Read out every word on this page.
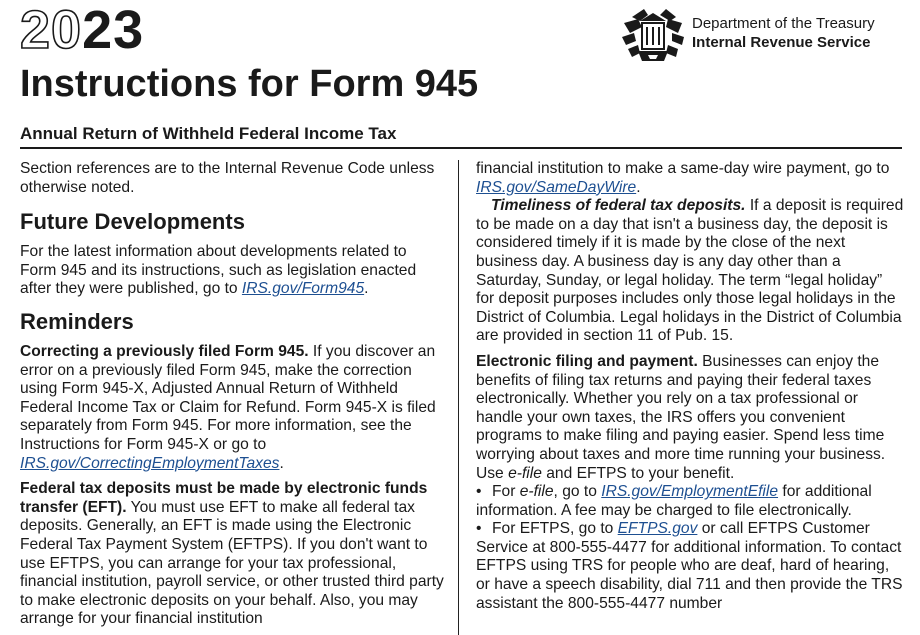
2023
Instructions for Form 945
Department of the Treasury
Internal Revenue Service
Annual Return of Withheld Federal Income Tax

Section references are to the Internal Revenue Code unless otherwise noted.

Future Developments

For the latest information about developments related to Form 945 and its instructions, such as legislation enacted after they were published, go to IRS.gov/Form945.

Reminders

Correcting a previously filed Form 945. If you discover an error on a previously filed Form 945, make the correction using Form 945-X, Adjusted Annual Return of Withheld Federal Income Tax or Claim for Refund. Form 945-X is filed separately from Form 945. For more information, see the Instructions for Form 945-X or go to IRS.gov/CorrectingEmploymentTaxes.

Federal tax deposits must be made by electronic funds transfer (EFT). You must use EFT to make all federal tax deposits. Generally, an EFT is made using the Electronic Federal Tax Payment System (EFTPS). If you don't want to use EFTPS, you can arrange for your tax professional, financial institution, payroll service, or other trusted third party to make electronic deposits on your behalf. Also, you may arrange for your financial institution

financial institution to make a same-day wire payment, go to IRS.gov/SameDayWire.

Timeliness of federal tax deposits. If a deposit is required to be made on a day that isn't a business day, the deposit is considered timely if it is made by the close of the next business day. A business day is any day other than a Saturday, Sunday, or legal holiday. The term “legal holiday” for deposit purposes includes only those legal holidays in the District of Columbia. Legal holidays in the District of Columbia are provided in section 11 of Pub. 15.

Electronic filing and payment. Businesses can enjoy the benefits of filing tax returns and paying their federal taxes electronically. Whether you rely on a tax professional or handle your own taxes, the IRS offers you convenient programs to make filing and paying easier. Spend less time worrying about taxes and more time running your business. Use e-file and EFTPS to your benefit.

• For e-file, go to IRS.gov/EmploymentEfile for additional information. A fee may be charged to file electronically.

• For EFTPS, go to EFTPS.gov or call EFTPS Customer Service at 800-555-4477 for additional information. To contact EFTPS using TRS for people who are deaf, hard of hearing, or have a speech disability, dial 711 and then provide the TRS assistant the 800-555-4477 number
